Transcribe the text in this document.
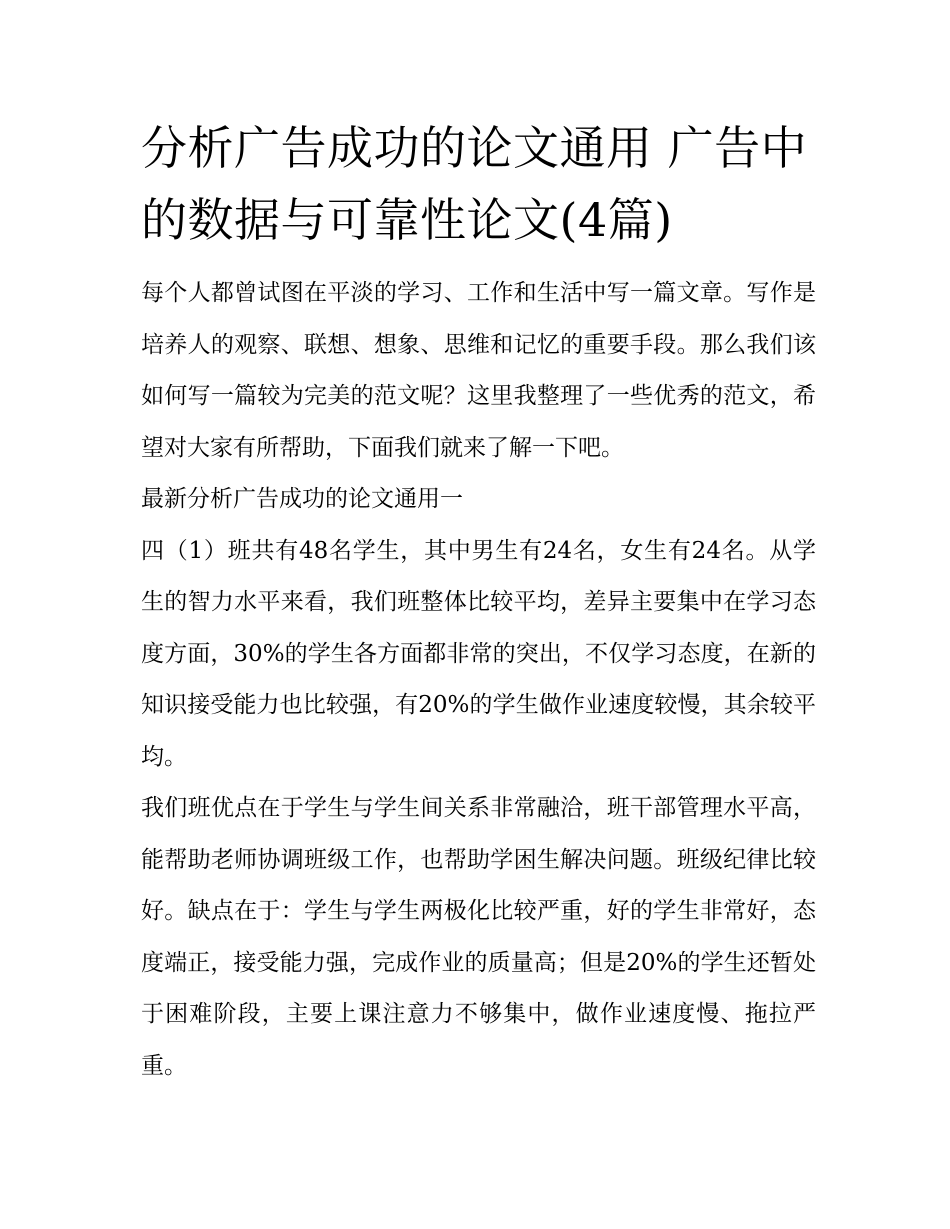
分析广告成功的论文通用 广告中的数据与可靠性论文(4篇)

每个人都曾试图在平淡的学习、工作和生活中写一篇文章。写作是培养人的观察、联想、想象、思维和记忆的重要手段。那么我们该如何写一篇较为完美的范文呢？这里我整理了一些优秀的范文，希望对大家有所帮助，下面我们就来了解一下吧。

最新分析广告成功的论文通用一

四（1）班共有48名学生，其中男生有24名，女生有24名。从学生的智力水平来看，我们班整体比较平均，差异主要集中在学习态度方面，30%的学生各方面都非常的突出，不仅学习态度，在新的知识接受能力也比较强，有20%的学生做作业速度较慢，其余较平均。

我们班优点在于学生与学生间关系非常融洽，班干部管理水平高，能帮助老师协调班级工作，也帮助学困生解决问题。班级纪律比较好。缺点在于：学生与学生两极化比较严重，好的学生非常好，态度端正，接受能力强，完成作业的质量高；但是20%的学生还暂处于困难阶段，主要上课注意力不够集中，做作业速度慢、拖拉严重。
